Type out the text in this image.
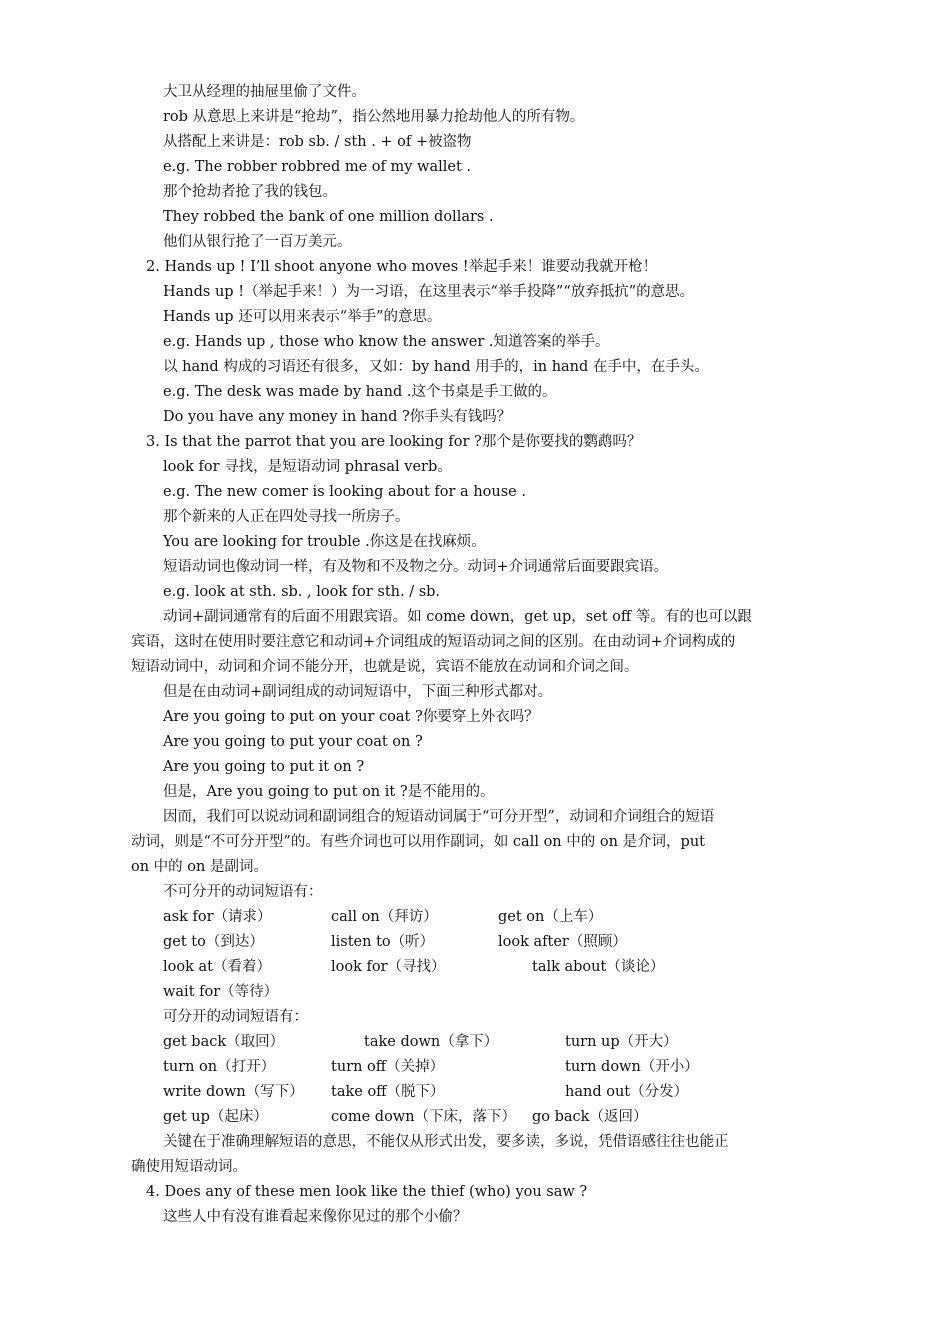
大卫从经理的抽屉里偷了文件。
rob 从意思上来讲是“抢劫”，指公然地用暴力抢劫他人的所有物。
从搭配上来讲是：rob sb. / sth . + of +被盗物
e.g. The robber robbred me of my wallet .
那个抢劫者抢了我的钱包。
They robbed the bank of one million dollars .
他们从银行抢了一百万美元。
2. Hands up ! I’ll shoot anyone who moves !举起手来！谁要动我就开枪！
Hands up !（举起手来！）为一习语，在这里表示“举手投降”“放弃抵抗”的意思。
Hands up 还可以用来表示“举手”的意思。
e.g. Hands up , those who know the answer .知道答案的举手。
以 hand 构成的习语还有很多，又如：by hand 用手的，in hand 在手中，在手头。
e.g. The desk was made by hand .这个书桌是手工做的。
Do you have any money in hand ?你手头有钱吗？
3. Is that the parrot that you are looking for ?那个是你要找的鹦鹉吗？
look for 寻找，是短语动词 phrasal verb。
e.g. The new comer is looking about for a house .
那个新来的人正在四处寻找一所房子。
You are looking for trouble .你这是在找麻烦。
短语动词也像动词一样，有及物和不及物之分。动词+介词通常后面要跟宾语。
e.g. look at sth. sb. , look for sth. / sb.
动词+副词通常有的后面不用跟宾语。如 come down，get up，set off 等。有的也可以跟
宾语，这时在使用时要注意它和动词+介词组成的短语动词之间的区别。在由动词+介词构成的
短语动词中，动词和介词不能分开，也就是说，宾语不能放在动词和介词之间。
但是在由动词+副词组成的动词短语中，下面三种形式都对。
Are you going to put on your coat ?你要穿上外衣吗？
Are you going to put your coat on ?
Are you going to put it on ?
但是，Are you going to put on it ?是不能用的。
因而，我们可以说动词和副词组合的短语动词属于“可分开型”，动词和介词组合的短语
动词，则是“不可分开型”的。有些介词也可以用作副词，如 call on 中的 on 是介词，put
on 中的 on 是副词。
不可分开的动词短语有：
ask for（请求）	call on（拜访）	get on（上车）
get to（到达）	listen to（听）	look after（照顾）
look at（看着）	look for（寻找）	talk about（谈论）
wait for（等待）
可分开的动词短语有：
get back（取回）	take down（拿下）	turn up（开大）
turn on（打开）	turn off（关掉）	turn down（开小）
write down（写下） take off（脱下）	hand out（分发）
get up（起床）	come down（下床，落下） go back（返回）
关键在于准确理解短语的意思，不能仅从形式出发，要多读，多说，凭借语感往往也能正
确使用短语动词。
4. Does any of these men look like the thief (who) you saw ?
这些人中有没有谁看起来像你见过的那个小偷？
